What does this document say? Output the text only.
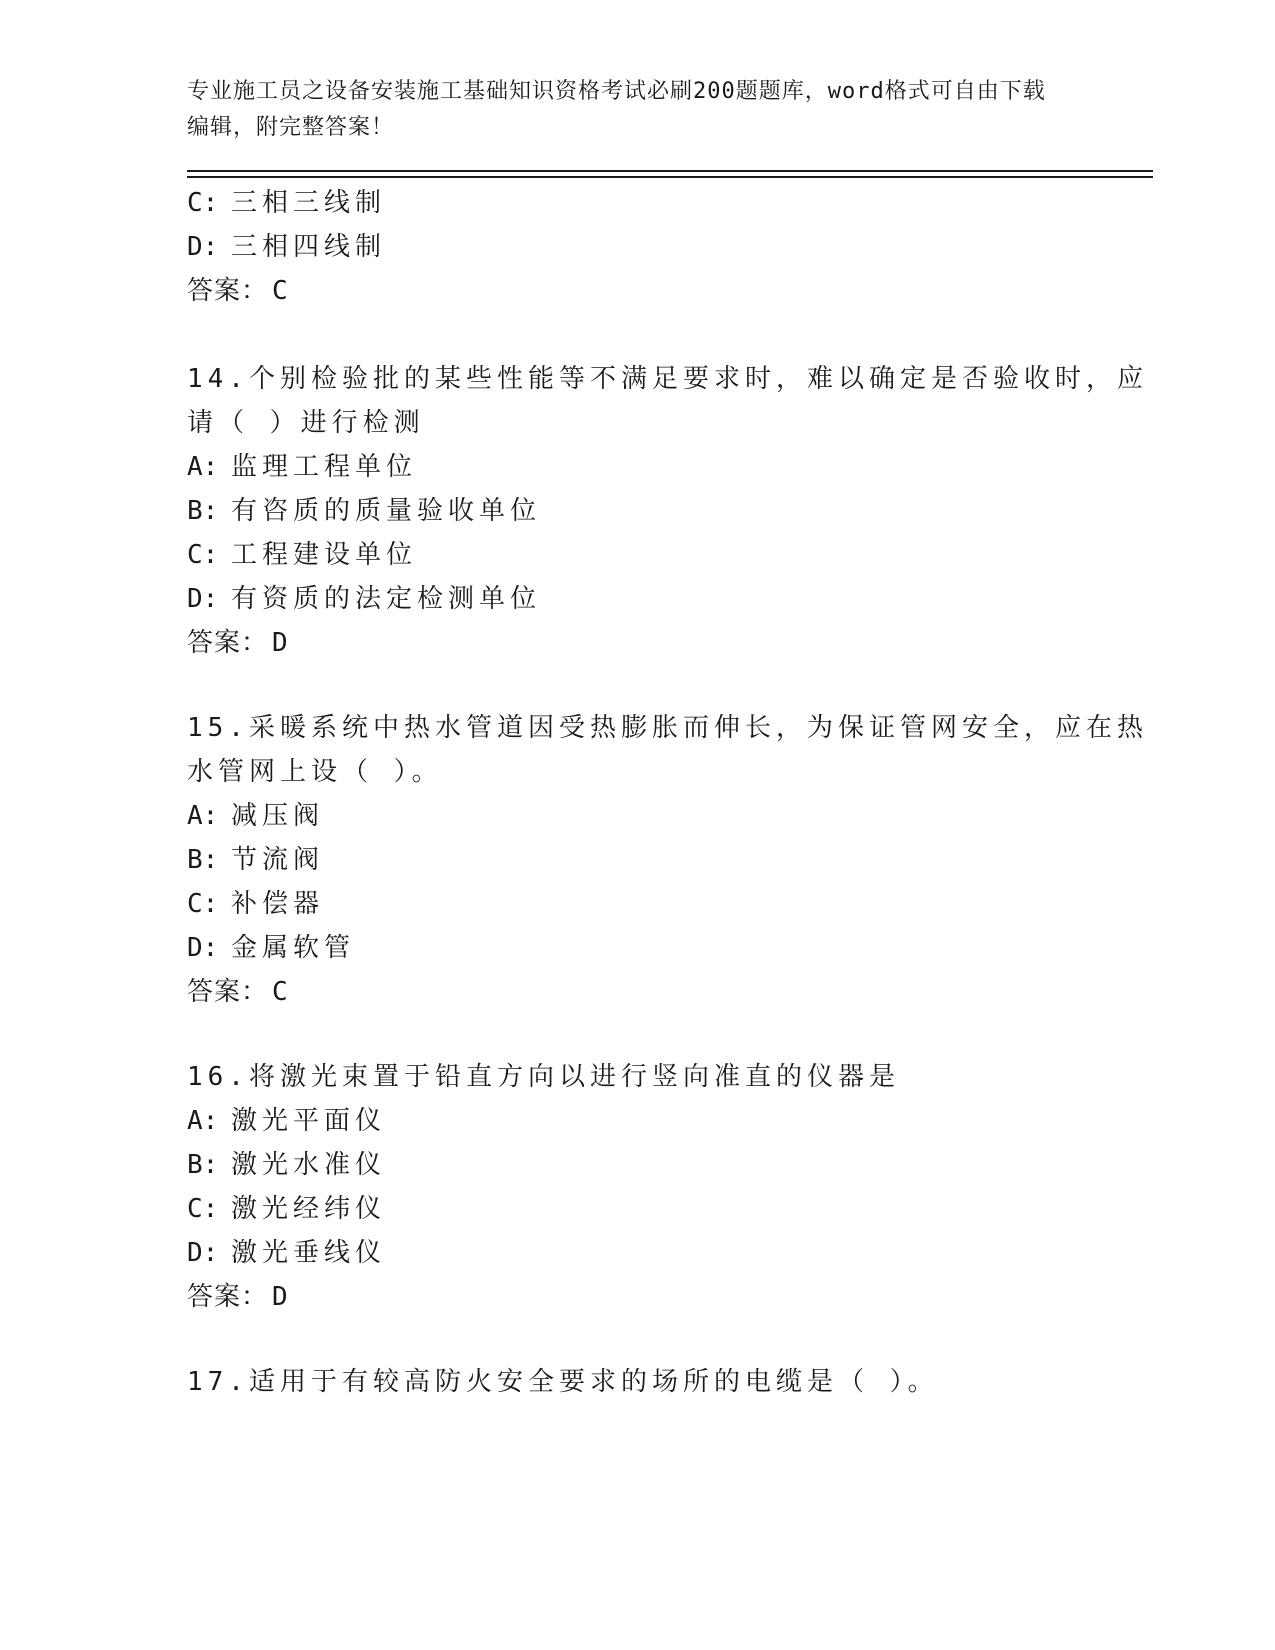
专业施工员之设备安装施工基础知识资格考试必刷200题题库，word格式可自由下载编辑，附完整答案！
C: 三相三线制
D: 三相四线制
答案： C
14.个别检验批的某些性能等不满足要求时，难以确定是否验收时，应
请（ ）进行检测
A: 监理工程单位
B: 有咨质的质量验收单位
C: 工程建设单位
D: 有资质的法定检测单位
答案： D
15.采暖系统中热水管道因受热膨胀而伸长，为保证管网安全，应在热
水管网上设（ ）。
A: 减压阀
B: 节流阀
C: 补偿器
D: 金属软管
答案： C
16.将激光束置于铅直方向以进行竖向准直的仪器是
A: 激光平面仪
B: 激光水准仪
C: 激光经纬仪
D: 激光垂线仪
答案： D
17.适用于有较高防火安全要求的场所的电缆是（ ）。
